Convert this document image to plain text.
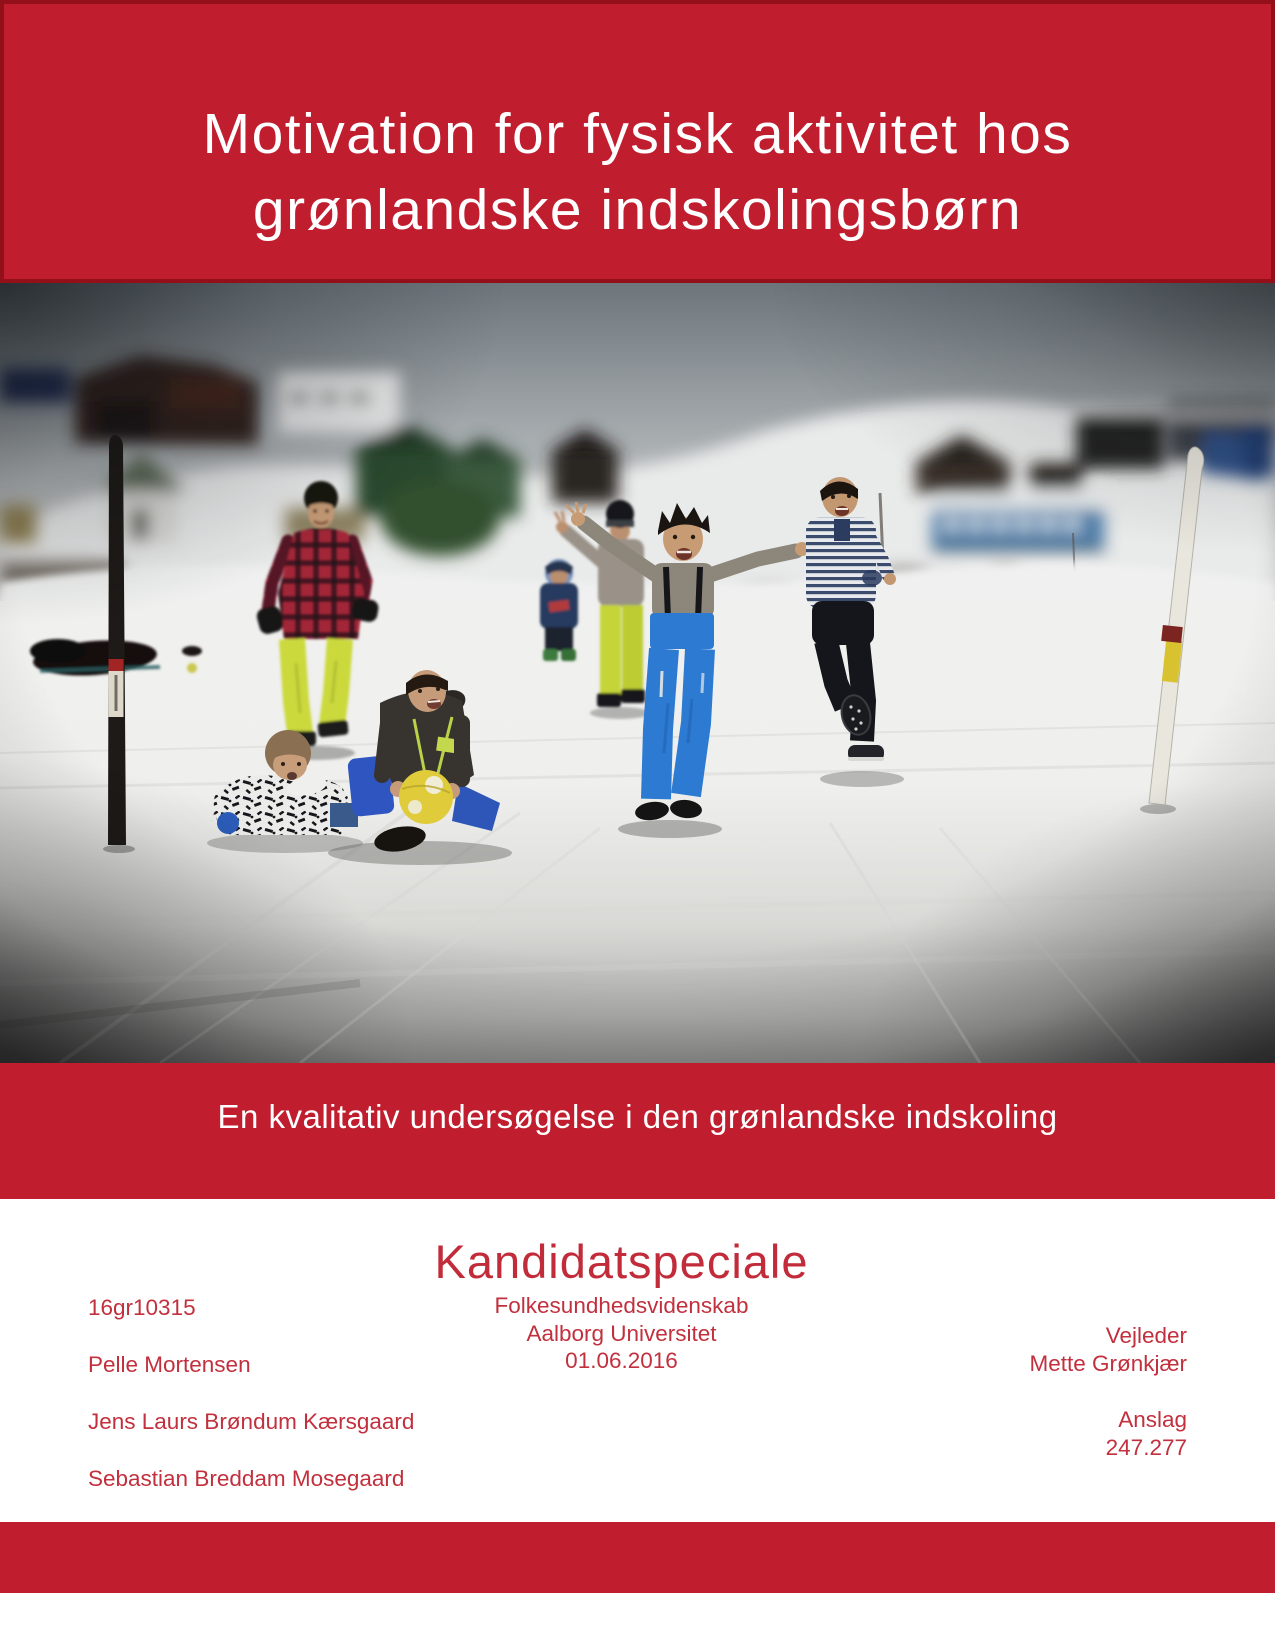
Motivation for fysisk aktivitet hos
grønlandske indskolingsbørn

En kvalitativ undersøgelse i den grønlandske indskoling

Kandidatspeciale

16gr10315

Pelle Mortensen

Jens Laurs Brøndum Kærsgaard

Sebastian Breddam Mosegaard

Folkesundhedsvidenskab

Aalborg Universitet

01.06.2016

Vejleder

Mette Grønkjær

Anslag

247.277
